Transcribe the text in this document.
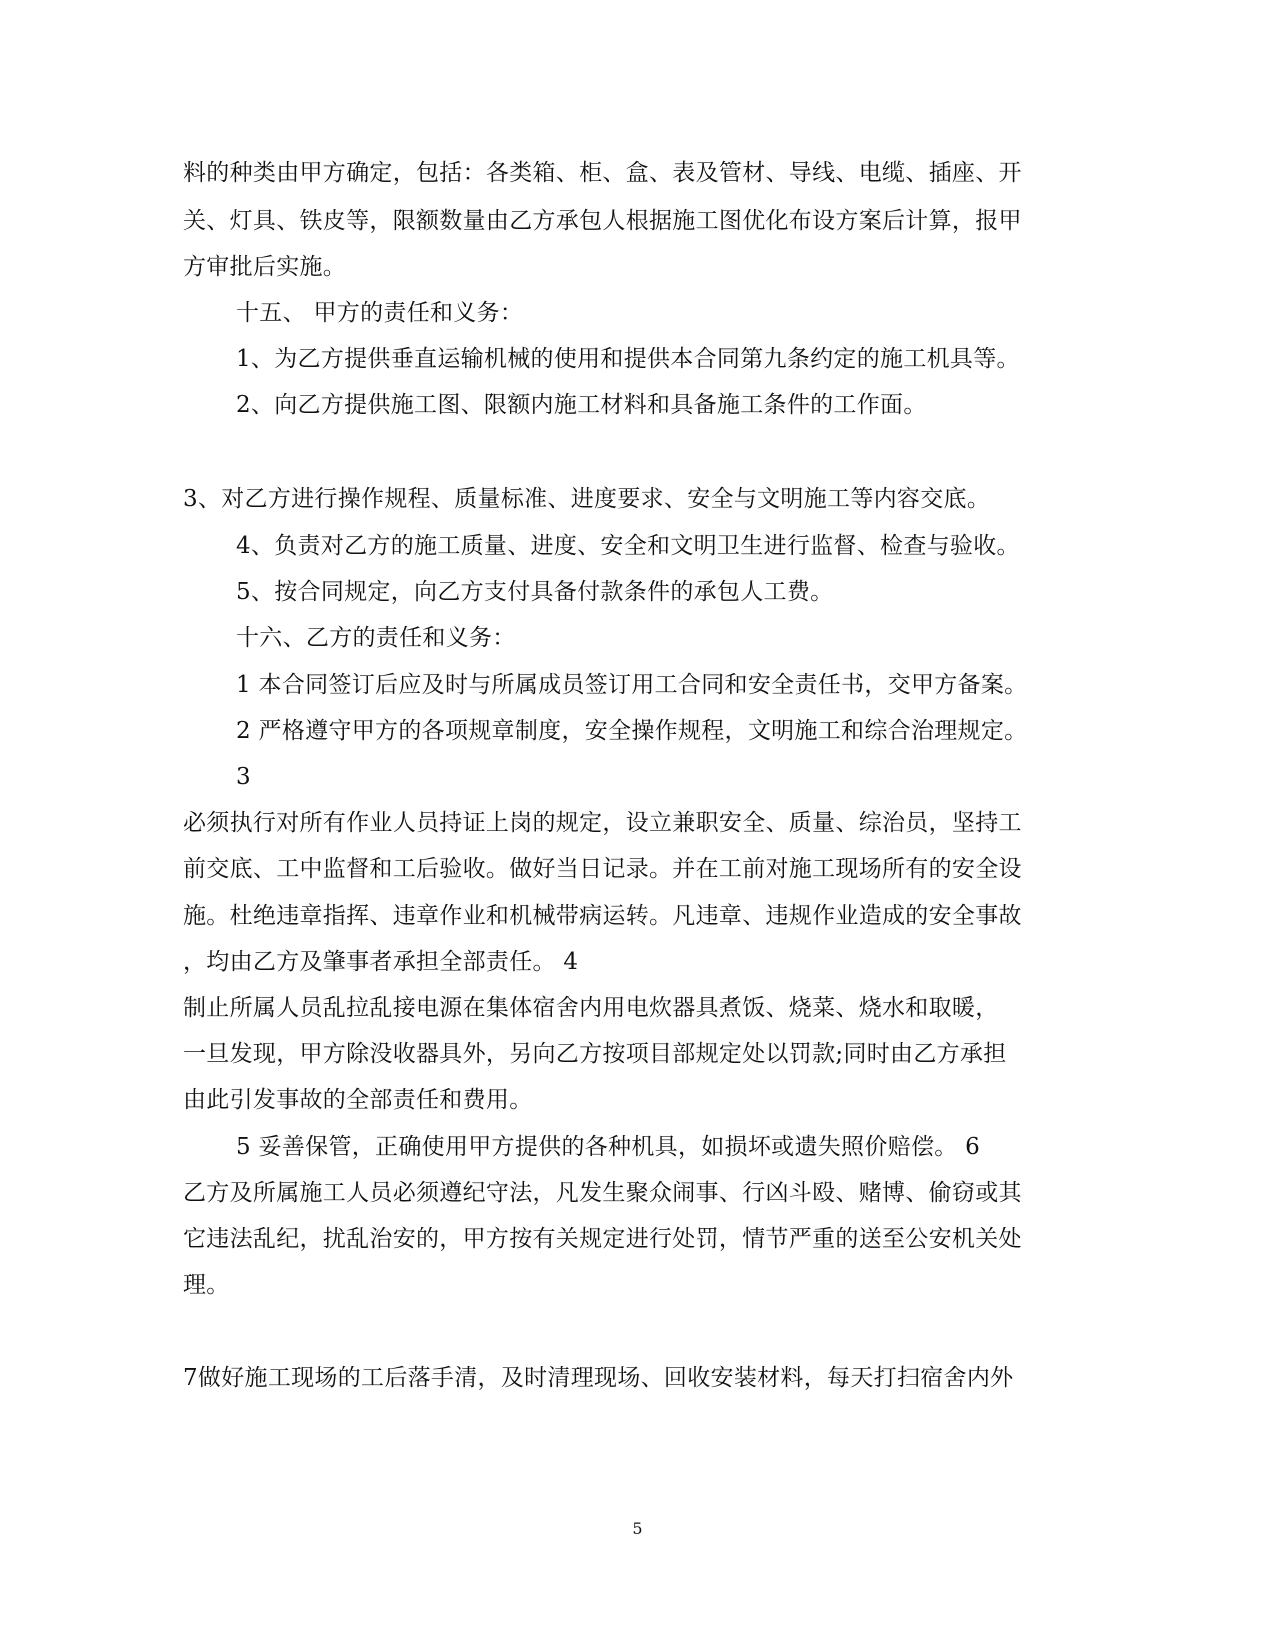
料的种类由甲方确定，包括：各类箱、柜、盒、表及管材、导线、电缆、插座、开
关、灯具、铁皮等，限额数量由乙方承包人根据施工图优化布设方案后计算，报甲
方审批后实施。
十五、 甲方的责任和义务：
1、为乙方提供垂直运输机械的使用和提供本合同第九条约定的施工机具等。
2、向乙方提供施工图、限额内施工材料和具备施工条件的工作面。
3、对乙方进行操作规程、质量标准、进度要求、安全与文明施工等内容交底。
4、负责对乙方的施工质量、进度、安全和文明卫生进行监督、检查与验收。
5、按合同规定，向乙方支付具备付款条件的承包人工费。
十六、乙方的责任和义务：
1 本合同签订后应及时与所属成员签订用工合同和安全责任书，交甲方备案。
2 严格遵守甲方的各项规章制度，安全操作规程，文明施工和综合治理规定。
3
必须执行对所有作业人员持证上岗的规定，设立兼职安全、质量、综治员，坚持工
前交底、工中监督和工后验收。做好当日记录。并在工前对施工现场所有的安全设
施。杜绝违章指挥、违章作业和机械带病运转。凡违章、违规作业造成的安全事故
，均由乙方及肇事者承担全部责任。 4
制止所属人员乱拉乱接电源在集体宿舍内用电炊器具煮饭、烧菜、烧水和取暖，
一旦发现，甲方除没收器具外，另向乙方按项目部规定处以罚款;同时由乙方承担
由此引发事故的全部责任和费用。
5 妥善保管，正确使用甲方提供的各种机具，如损坏或遗失照价赔偿。 6
乙方及所属施工人员必须遵纪守法，凡发生聚众闹事、行凶斗殴、赌博、偷窃或其
它违法乱纪，扰乱治安的，甲方按有关规定进行处罚，情节严重的送至公安机关处
理。
7做好施工现场的工后落手清，及时清理现场、回收安装材料，每天打扫宿舍内外
5
